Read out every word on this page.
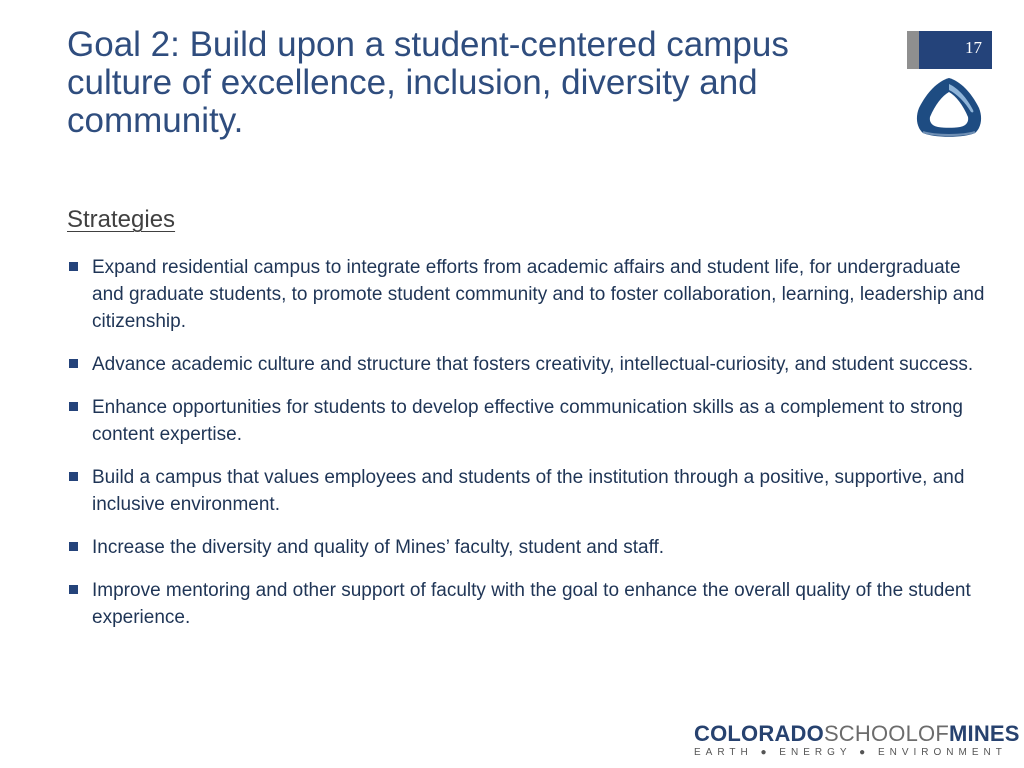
Goal 2: Build upon a student-centered campus
culture of excellence, inclusion, diversity and
community.
17
Strategies
Expand residential campus to integrate efforts from academic affairs and student life, for undergraduate and graduate students, to promote student community and to foster collaboration, learning, leadership and citizenship.
Advance academic culture and structure that fosters creativity, intellectual-curiosity, and student success.
Enhance opportunities for students to develop effective communication skills as a complement to strong content expertise.
Build a campus that values employees and students of the institution through a positive, supportive, and inclusive environment.
Increase the diversity and quality of Mines’ faculty, student and staff.
Improve mentoring and other support of faculty with the goal to enhance the overall quality of the student experience.
COLORADOSCHOOLOFMINES
EARTH ● ENERGY ● ENVIRONMENT
